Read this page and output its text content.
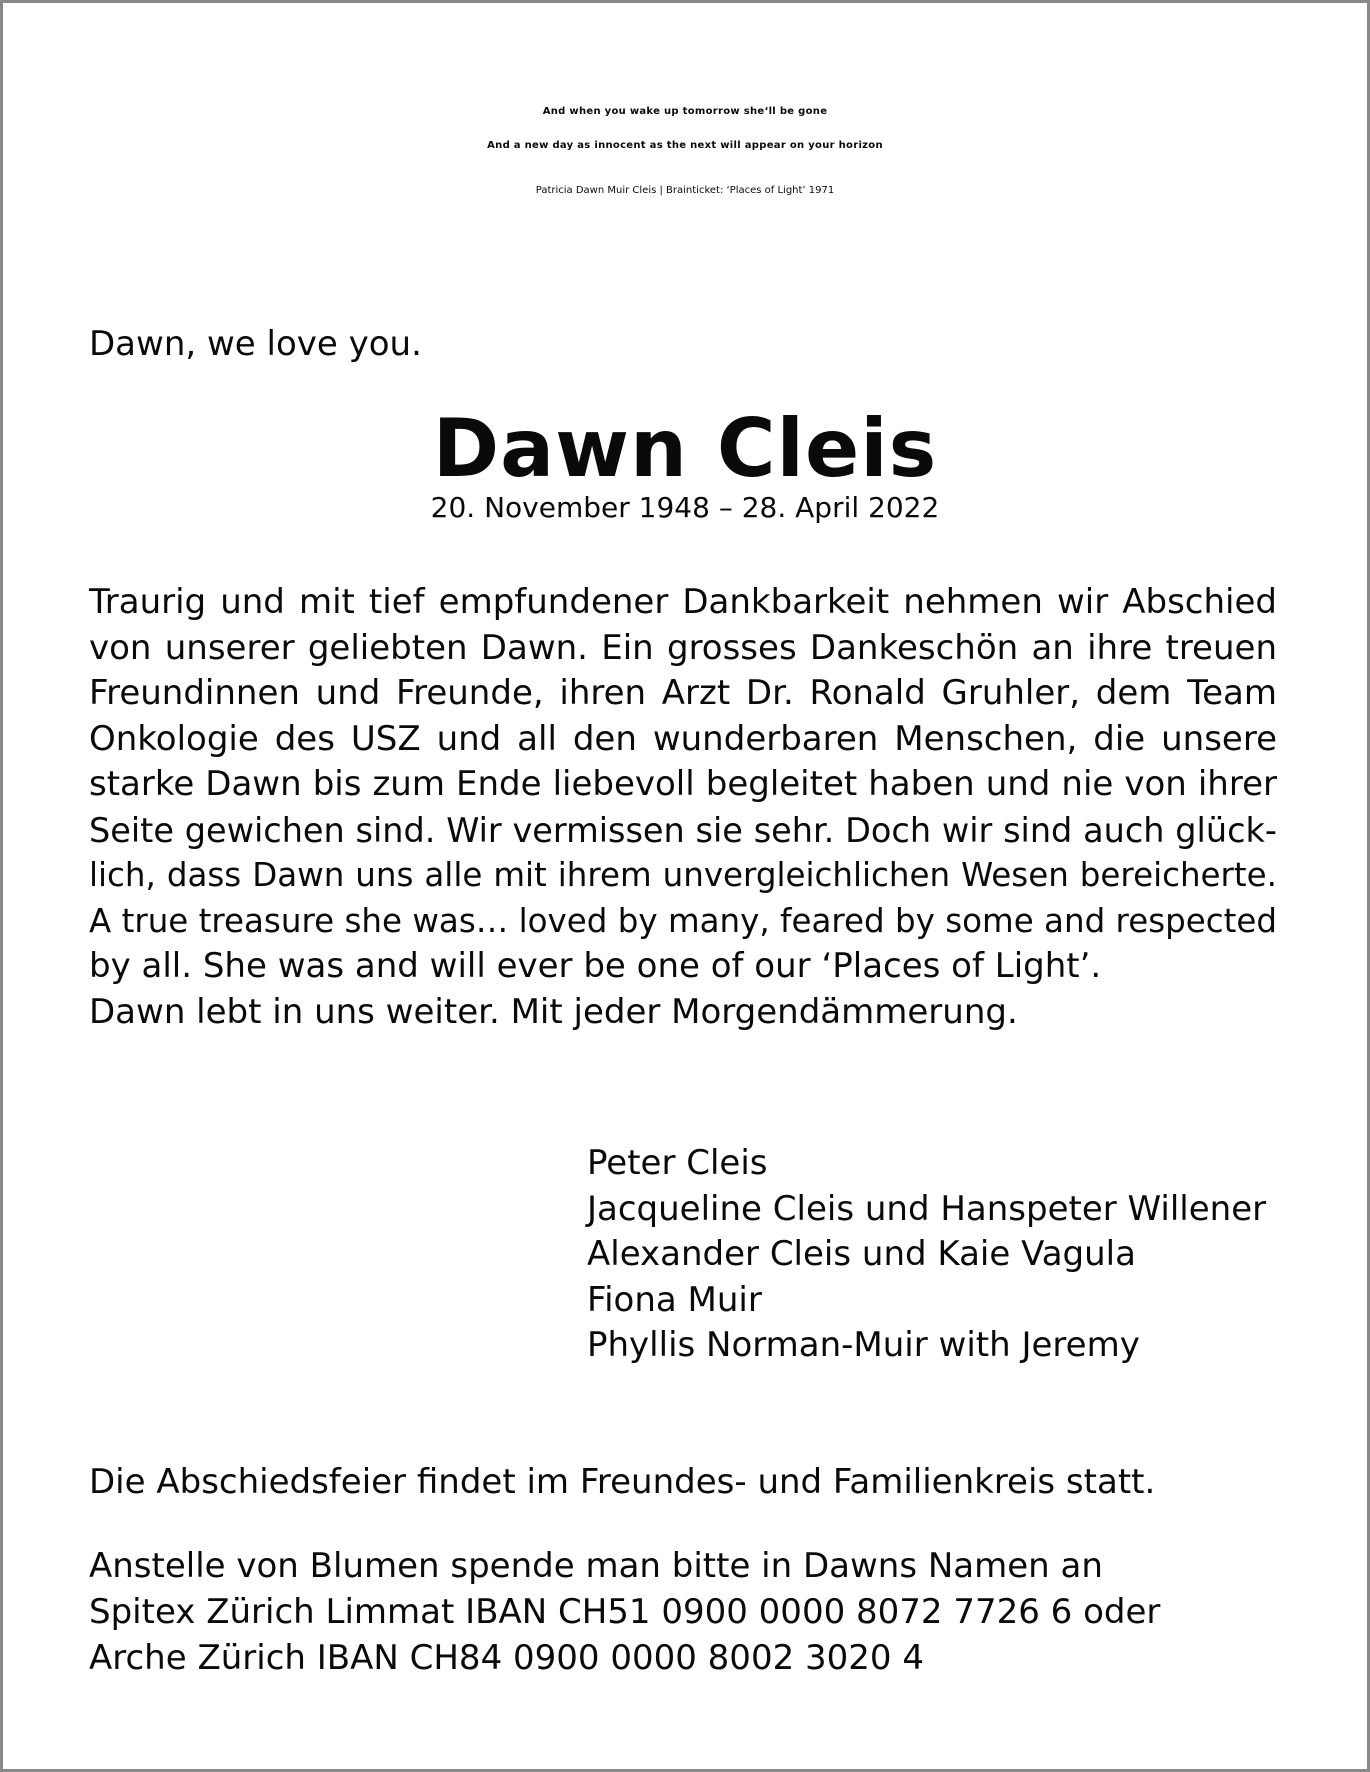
And when you wake up tomorrow she‘ll be gone
And a new day as innocent as the next will appear on your horizon
Patricia Dawn Muir Cleis | Brainticket: ‘Places of Light’ 1971
Dawn, we love you.
Dawn Cleis
20. November 1948 – 28. April 2022
Traurig und mit tief empfundener Dankbarkeit nehmen wir Abschied
von unserer geliebten Dawn. Ein grosses Dankeschön an ihre treuen
Freundinnen und Freunde, ihren Arzt Dr. Ronald Gruhler, dem Team
Onkologie des USZ und all den wunderbaren Menschen, die unsere
starke Dawn bis zum Ende liebevoll begleitet haben und nie von ihrer
Seite gewichen sind. Wir vermissen sie sehr. Doch wir sind auch glück-
lich, dass Dawn uns alle mit ihrem unvergleichlichen Wesen bereicherte.
A true treasure she was… loved by many, feared by some and respected
by all. She was and will ever be one of our ‘Places of Light’.
Dawn lebt in uns weiter. Mit jeder Morgendämmerung.
Peter Cleis
Jacqueline Cleis und Hanspeter Willener
Alexander Cleis und Kaie Vagula
Fiona Muir
Phyllis Norman-Muir with Jeremy
Die Abschiedsfeier findet im Freundes- und Familienkreis statt.
Anstelle von Blumen spende man bitte in Dawns Namen an
Spitex Zürich Limmat IBAN CH51 0900 0000 8072 7726 6 oder
Arche Zürich IBAN CH84 0900 0000 8002 3020 4
